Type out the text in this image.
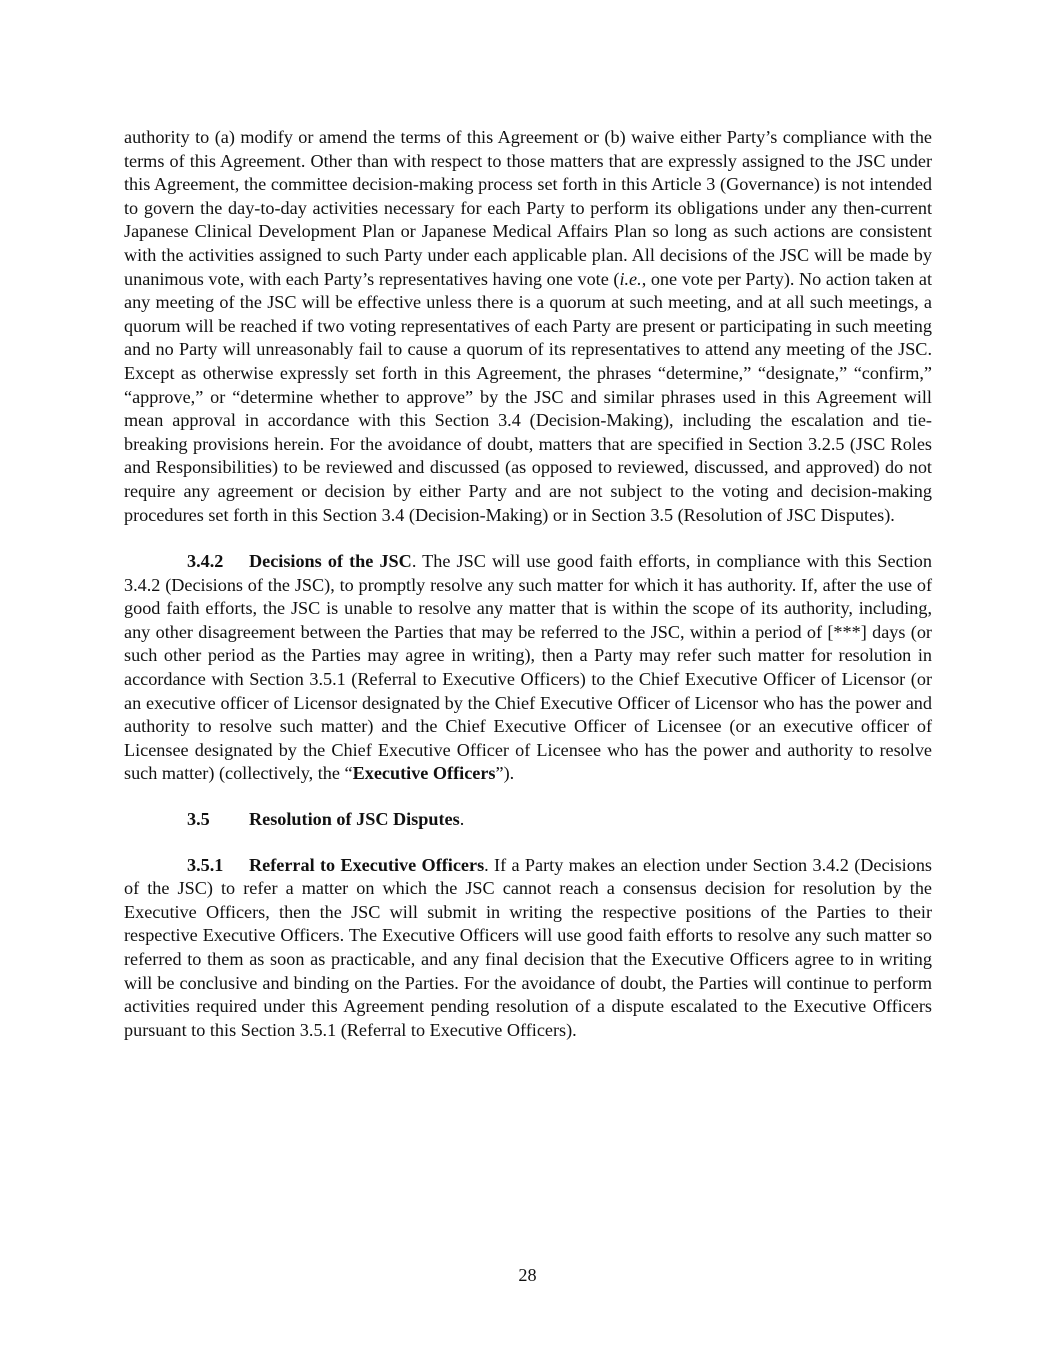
authority to (a) modify or amend the terms of this Agreement or (b) waive either Party’s compliance with the terms of this Agreement. Other than with respect to those matters that are expressly assigned to the JSC under this Agreement, the committee decision-making process set forth in this Article 3 (Governance) is not intended to govern the day-to-day activities necessary for each Party to perform its obligations under any then-current Japanese Clinical Development Plan or Japanese Medical Affairs Plan so long as such actions are consistent with the activities assigned to such Party under each applicable plan. All decisions of the JSC will be made by unanimous vote, with each Party’s representatives having one vote (i.e., one vote per Party). No action taken at any meeting of the JSC will be effective unless there is a quorum at such meeting, and at all such meetings, a quorum will be reached if two voting representatives of each Party are present or participating in such meeting and no Party will unreasonably fail to cause a quorum of its representatives to attend any meeting of the JSC. Except as otherwise expressly set forth in this Agreement, the phrases “determine,” “designate,” “confirm,” “approve,” or “determine whether to approve” by the JSC and similar phrases used in this Agreement will mean approval in accordance with this Section 3.4 (Decision-Making), including the escalation and tie-breaking provisions herein. For the avoidance of doubt, matters that are specified in Section 3.2.5 (JSC Roles and Responsibilities) to be reviewed and discussed (as opposed to reviewed, discussed, and approved) do not require any agreement or decision by either Party and are not subject to the voting and decision-making procedures set forth in this Section 3.4 (Decision-Making) or in Section 3.5 (Resolution of JSC Disputes).

3.4.2 Decisions of the JSC. The JSC will use good faith efforts, in compliance with this Section 3.4.2 (Decisions of the JSC), to promptly resolve any such matter for which it has authority. If, after the use of good faith efforts, the JSC is unable to resolve any matter that is within the scope of its authority, including, any other disagreement between the Parties that may be referred to the JSC, within a period of [***] days (or such other period as the Parties may agree in writing), then a Party may refer such matter for resolution in accordance with Section 3.5.1 (Referral to Executive Officers) to the Chief Executive Officer of Licensor (or an executive officer of Licensor designated by the Chief Executive Officer of Licensor who has the power and authority to resolve such matter) and the Chief Executive Officer of Licensee (or an executive officer of Licensee designated by the Chief Executive Officer of Licensee who has the power and authority to resolve such matter) (collectively, the “Executive Officers”).

3.5 Resolution of JSC Disputes.

3.5.1 Referral to Executive Officers. If a Party makes an election under Section 3.4.2 (Decisions of the JSC) to refer a matter on which the JSC cannot reach a consensus decision for resolution by the Executive Officers, then the JSC will submit in writing the respective positions of the Parties to their respective Executive Officers. The Executive Officers will use good faith efforts to resolve any such matter so referred to them as soon as practicable, and any final decision that the Executive Officers agree to in writing will be conclusive and binding on the Parties. For the avoidance of doubt, the Parties will continue to perform activities required under this Agreement pending resolution of a dispute escalated to the Executive Officers pursuant to this Section 3.5.1 (Referral to Executive Officers).

28
